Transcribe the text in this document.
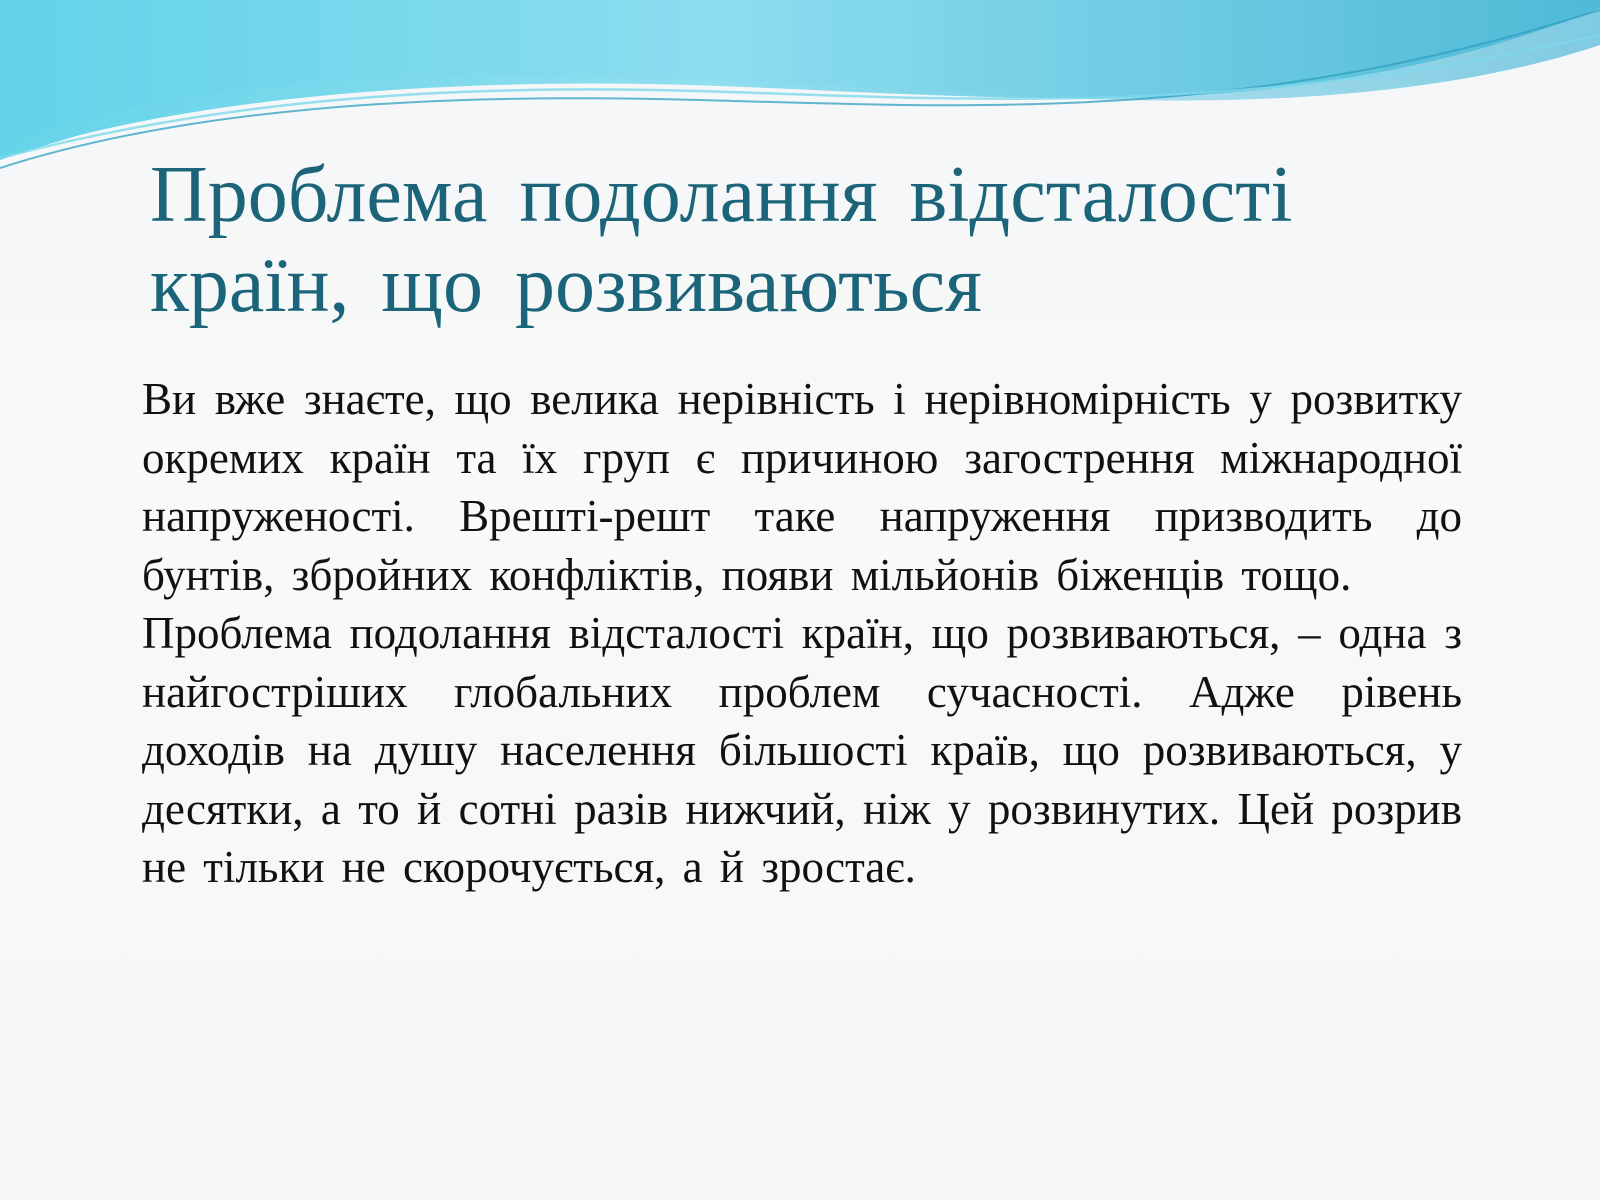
Проблема подолання відсталості країн, що розвиваються

Ви вже знаєте, що велика нерівність і нерівномірність у розвитку окремих країн та їх груп є причиною загострення міжнародної напруженості. Врешті-решт таке напруження призводить до бунтів, збройних конфліктів, появи мільйонів біженців тощо.

Проблема подолання відсталості країн, що розвиваються, – одна з найгостріших глобальних проблем сучасності. Адже рівень доходів на душу населення більшості країв, що розвиваються, у десятки, а то й сотні разів нижчий, ніж у розвинутих. Цей розрив не тільки не скорочується, а й зростає.
